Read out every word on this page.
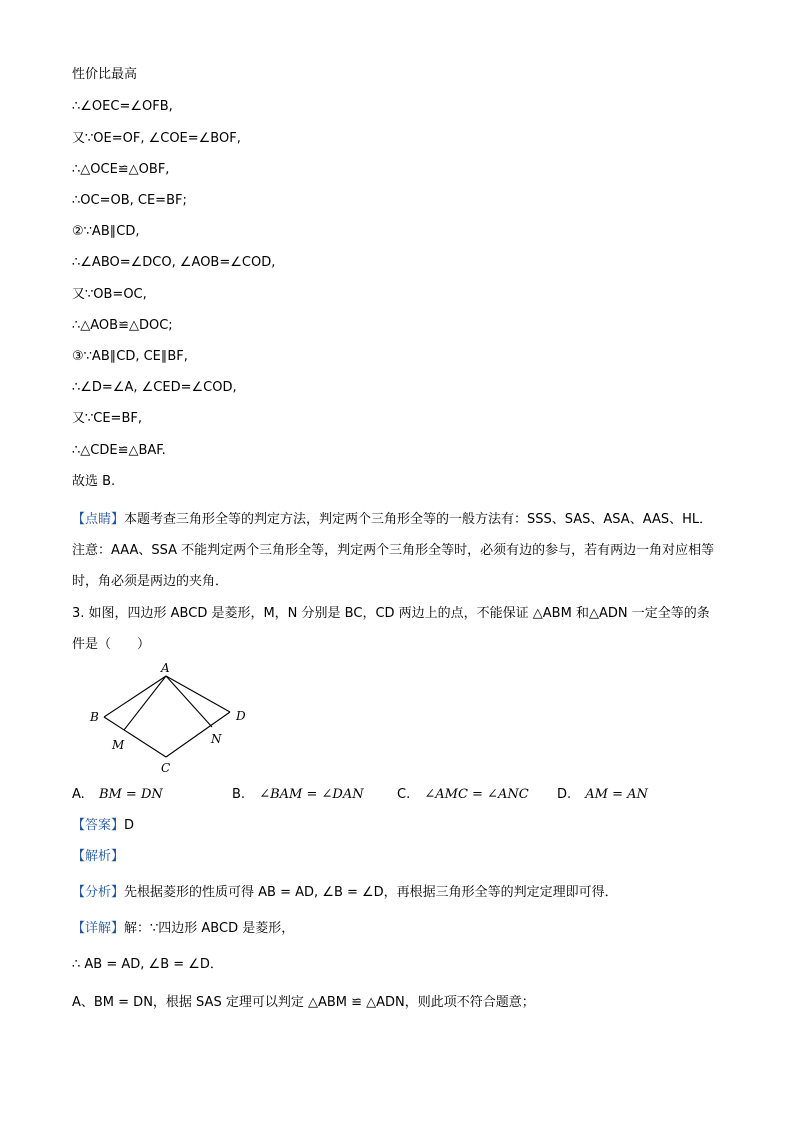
性价比最高
∴∠OEC=∠OFB,
又∵OE=OF, ∠COE=∠BOF,
∴△OCE≌△OBF,
∴OC=OB, CE=BF;
②∵AB∥CD,
∴∠ABO=∠DCO, ∠AOB=∠COD,
又∵OB=OC,
∴△AOB≌△DOC;
③∵AB∥CD, CE∥BF,
∴∠D=∠A, ∠CED=∠COD,
又∵CE=BF,
∴△CDE≌△BAF.
故选 B.
【点睛】本题考查三角形全等的判定方法，判定两个三角形全等的一般方法有：SSS、SAS、ASA、AAS、HL．注意：AAA、SSA 不能判定两个三角形全等，判定两个三角形全等时，必须有边的参与，若有两边一角对应相等时，角必须是两边的夹角．
3. 如图，四边形 ABCD 是菱形，M，N 分别是 BC，CD 两边上的点，不能保证 △ABM 和△ADN 一定全等的条件是（　　）
A
B
C
D
M	N
A. BM = DN	B. ∠BAM = ∠DAN	C. ∠AMC = ∠ANC D. AM = AN
【答案】D
【解析】
【分析】先根据菱形的性质可得 AB = AD, ∠B = ∠D，再根据三角形全等的判定定理即可得．
【详解】解：∵四边形 ABCD 是菱形，
∴ AB = AD, ∠B = ∠D．
A、BM = DN，根据 SAS 定理可以判定 △ABM ≌ △ADN，则此项不符合题意；
